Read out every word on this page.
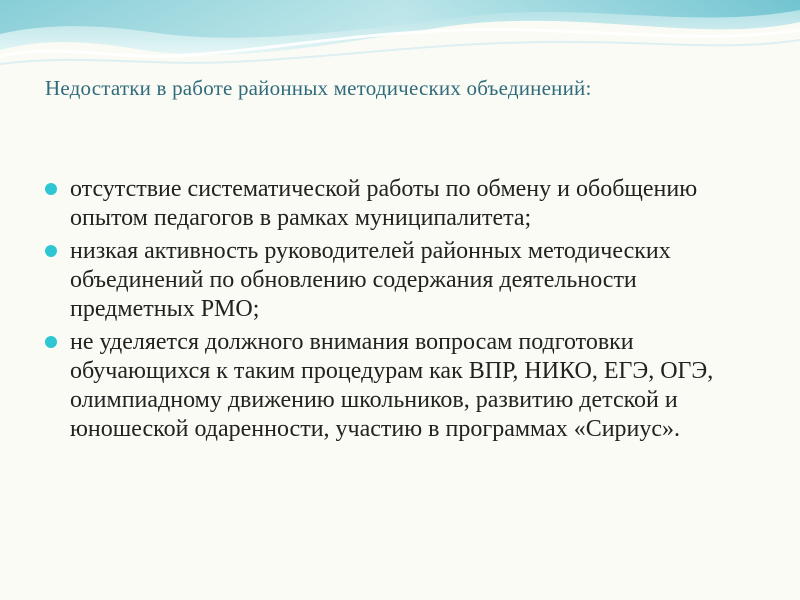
Недостатки в работе районных методических объединений:
отсутствие систематической работы по обмену и обобщению опытом педагогов в рамках муниципалитета;
низкая активность руководителей районных методических объединений по обновлению содержания деятельности предметных РМО;
не уделяется должного внимания вопросам подготовки обучающихся к таким процедурам как ВПР, НИКО, ЕГЭ, ОГЭ, олимпиадному движению школьников, развитию детской и юношеской одаренности, участию в программах «Сириус».
